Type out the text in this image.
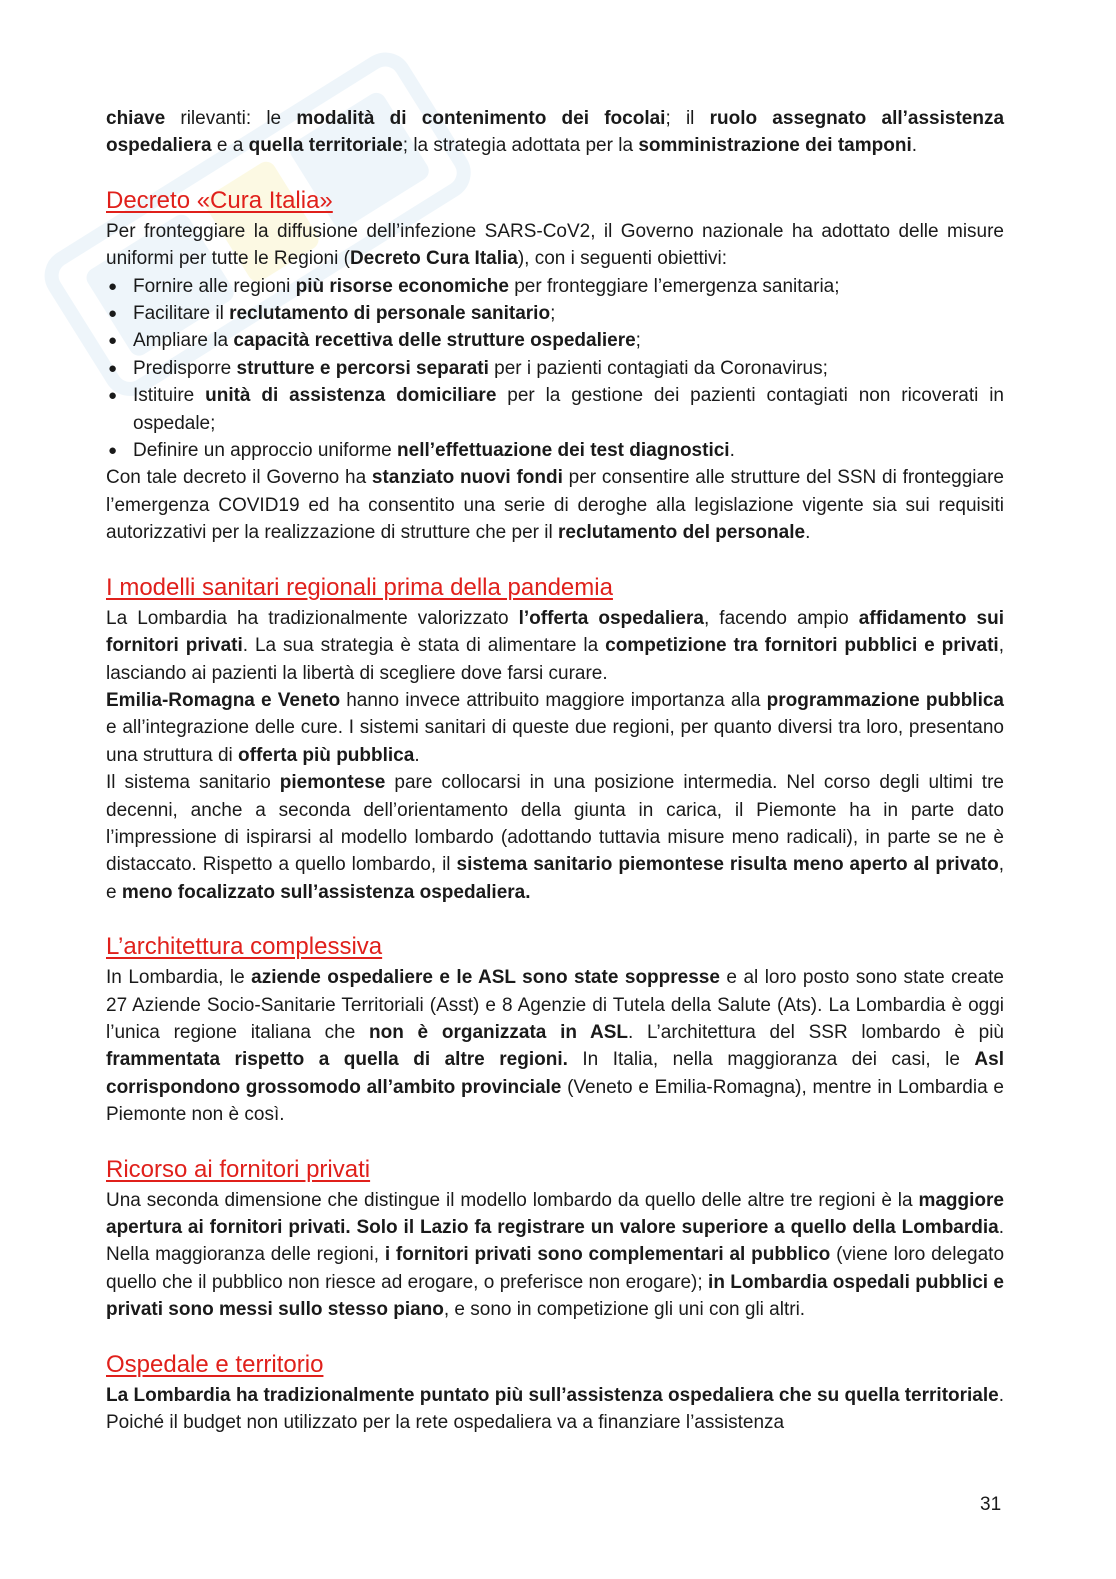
chiave rilevanti: le modalità di contenimento dei focolai; il ruolo assegnato all’assistenza ospedaliera e a quella territoriale; la strategia adottata per la somministrazione dei tamponi.

Decreto «Cura Italia»

Per fronteggiare la diffusione dell’infezione SARS-CoV2, il Governo nazionale ha adottato delle misure uniformi per tutte le Regioni (Decreto Cura Italia), con i seguenti obiettivi:

● Fornire alle regioni più risorse economiche per fronteggiare l’emergenza sanitaria;
● Facilitare il reclutamento di personale sanitario;
● Ampliare la capacità recettiva delle strutture ospedaliere;
● Predisporre strutture e percorsi separati per i pazienti contagiati da Coronavirus;
● Istituire unità di assistenza domiciliare per la gestione dei pazienti contagiati non ricoverati in ospedale;
● Definire un approccio uniforme nell’effettuazione dei test diagnostici.

Con tale decreto il Governo ha stanziato nuovi fondi per consentire alle strutture del SSN di fronteggiare l’emergenza COVID19 ed ha consentito una serie di deroghe alla legislazione vigente sia sui requisiti autorizzativi per la realizzazione di strutture che per il reclutamento del personale.

I modelli sanitari regionali prima della pandemia

La Lombardia ha tradizionalmente valorizzato l’offerta ospedaliera, facendo ampio affidamento sui fornitori privati. La sua strategia è stata di alimentare la competizione tra fornitori pubblici e privati, lasciando ai pazienti la libertà di scegliere dove farsi curare.

Emilia-Romagna e Veneto hanno invece attribuito maggiore importanza alla programmazione pubblica e all’integrazione delle cure. I sistemi sanitari di queste due regioni, per quanto diversi tra loro, presentano una struttura di offerta più pubblica.

Il sistema sanitario piemontese pare collocarsi in una posizione intermedia. Nel corso degli ultimi tre decenni, anche a seconda dell’orientamento della giunta in carica, il Piemonte ha in parte dato l’impressione di ispirarsi al modello lombardo (adottando tuttavia misure meno radicali), in parte se ne è distaccato. Rispetto a quello lombardo, il sistema sanitario piemontese risulta meno aperto al privato, e meno focalizzato sull’assistenza ospedaliera.

L’architettura complessiva

In Lombardia, le aziende ospedaliere e le ASL sono state soppresse e al loro posto sono state create 27 Aziende Socio-Sanitarie Territoriali (Asst) e 8 Agenzie di Tutela della Salute (Ats). La Lombardia è oggi l’unica regione italiana che non è organizzata in ASL. L’architettura del SSR lombardo è più frammentata rispetto a quella di altre regioni. In Italia, nella maggioranza dei casi, le Asl corrispondono grossomodo all’ambito provinciale (Veneto e Emilia-Romagna), mentre in Lombardia e Piemonte non è così.

Ricorso ai fornitori privati

Una seconda dimensione che distingue il modello lombardo da quello delle altre tre regioni è la maggiore apertura ai fornitori privati. Solo il Lazio fa registrare un valore superiore a quello della Lombardia. Nella maggioranza delle regioni, i fornitori privati sono complementari al pubblico (viene loro delegato quello che il pubblico non riesce ad erogare, o preferisce non erogare); in Lombardia ospedali pubblici e privati sono messi sullo stesso piano, e sono in competizione gli uni con gli altri.

Ospedale e territorio

La Lombardia ha tradizionalmente puntato più sull’assistenza ospedaliera che su quella territoriale. Poiché il budget non utilizzato per la rete ospedaliera va a finanziare l’assistenza

31
